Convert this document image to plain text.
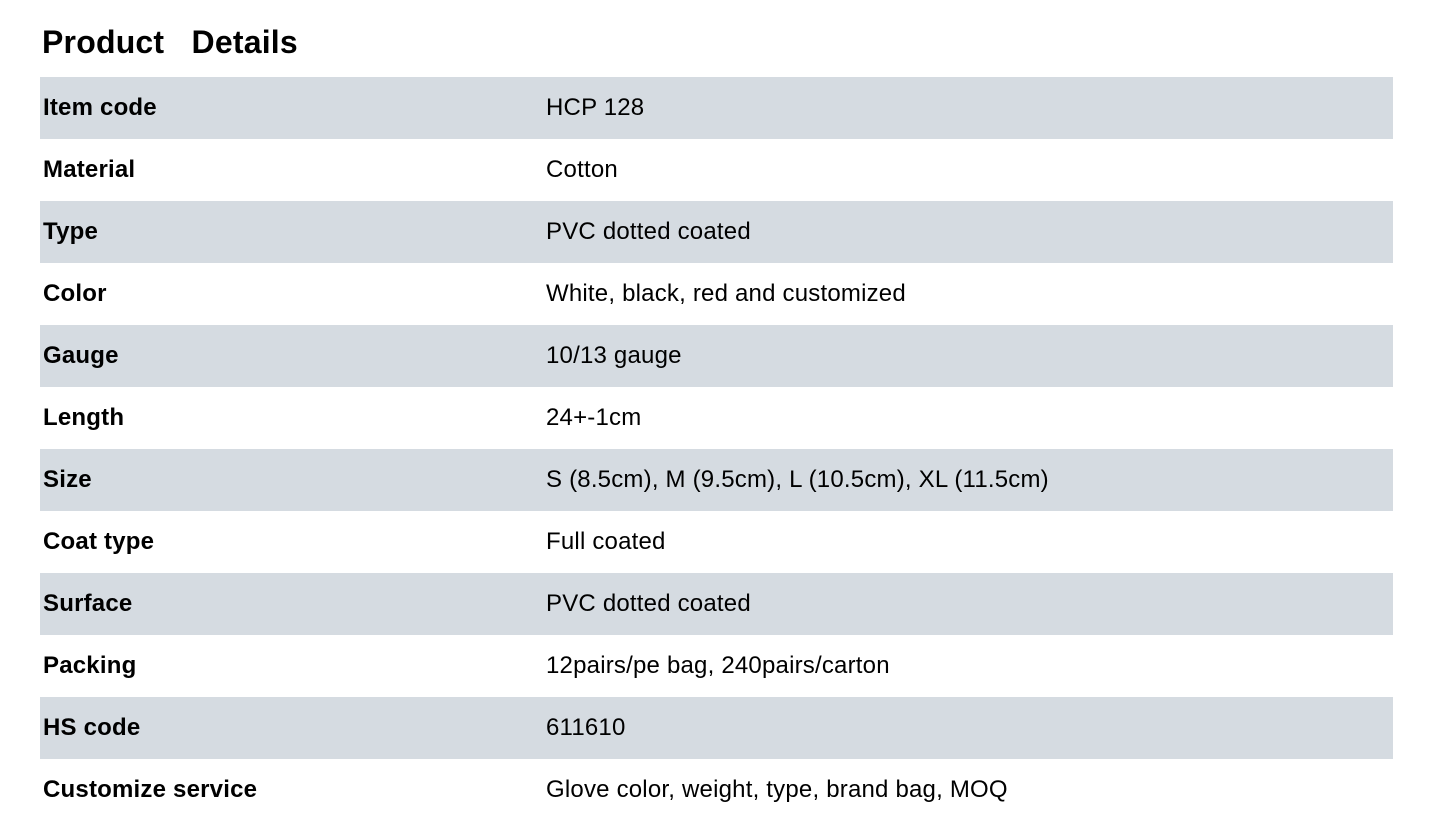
Product   Details
Item code	HCP 128
Material	Cotton
Type	PVC dotted coated
Color	White, black, red and customized
Gauge	10/13 gauge
Length	24+-1cm
Size	S (8.5cm), M (9.5cm), L (10.5cm), XL (11.5cm)
Coat type	Full coated
Surface	PVC dotted coated
Packing	12pairs/pe bag, 240pairs/carton
HS code	611610
Customize service	Glove color, weight, type, brand bag, MOQ
